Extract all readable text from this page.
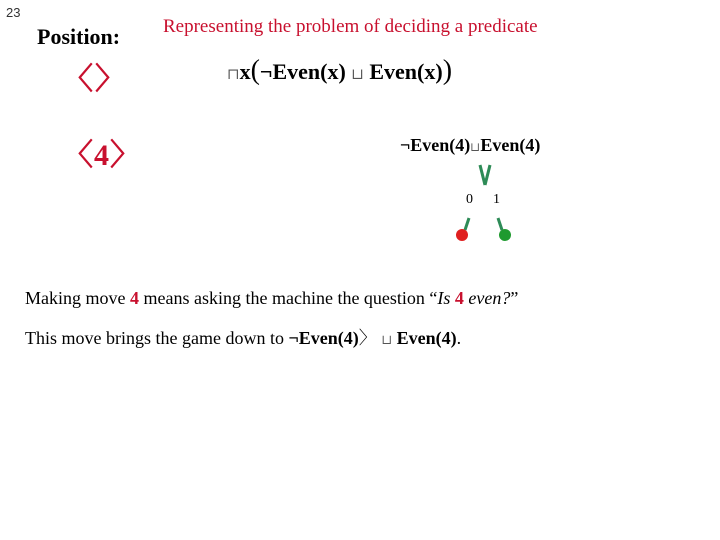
23
Position: Representing the problem of deciding a predicate
〈〉	⊓x(¬Even(x) ⊔ Even(x))
〈4〉	¬Even(4)⊔Even(4)
0 1
Making move 4 means asking the machine the question “Is 4 even?”
This move brings the game down to ¬Even(4)〉 ⊔ Even(4).
